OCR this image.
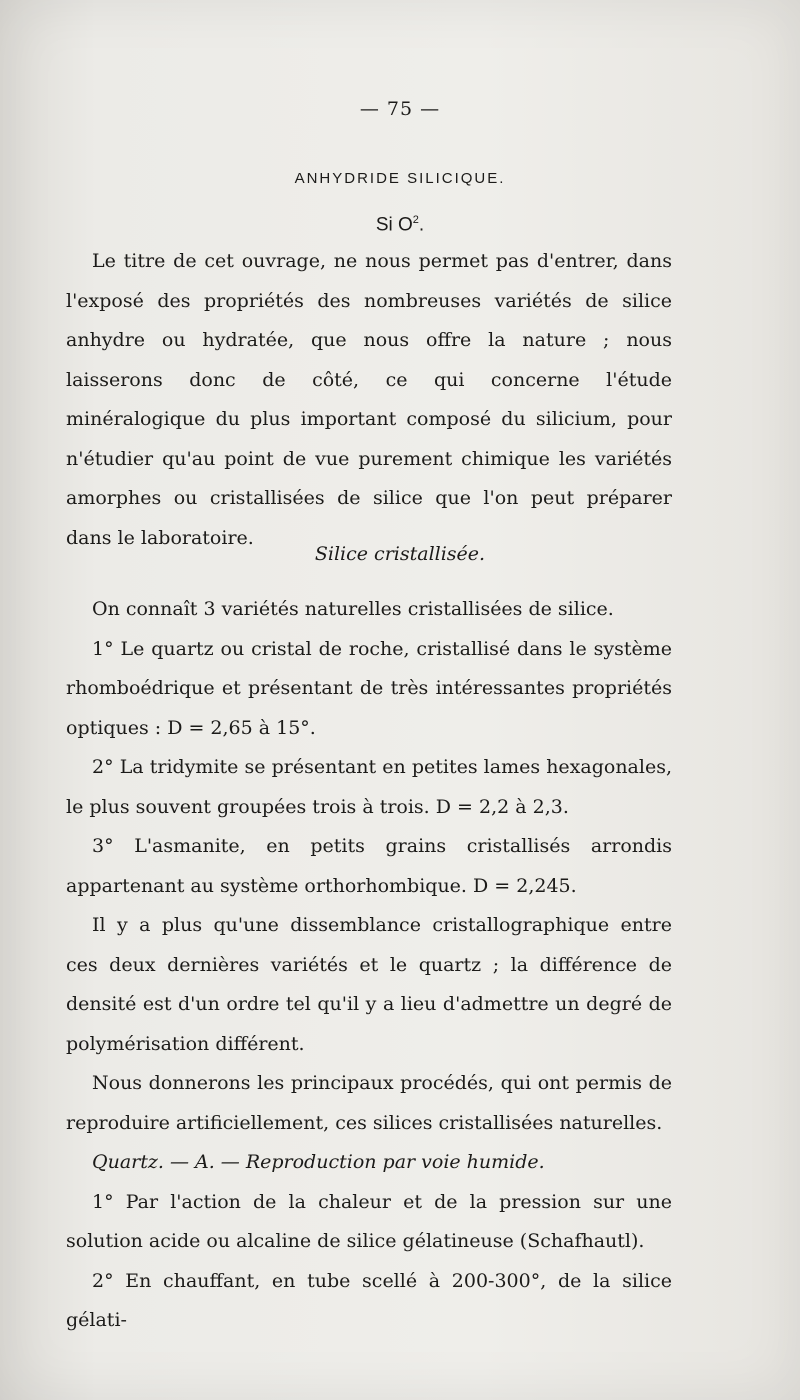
— 75 —
ANHYDRIDE SILICIQUE.
Si $O^2$.

Le titre de cet ouvrage, ne nous permet pas d'entrer, dans l'exposé des propriétés des nombreuses variétés de silice anhydre ou hydratée, que nous offre la nature ; nous laisserons donc de côté, ce qui concerne l'étude minéralogique du plus important composé du silicium, pour n'étudier qu'au point de vue purement chimique les variétés amorphes ou cristallisées de silice que l'on peut préparer dans le laboratoire.

Silice cristallisée.

On connaît 3 variétés naturelles cristallisées de silice.

1° Le quartz ou cristal de roche, cristallisé dans le système rhomboédrique et présentant de très intéressantes propriétés optiques : D = 2,65 à 15°.

2° La tridymite se présentant en petites lames hexagonales, le plus souvent groupées trois à trois. D = 2,2 à 2,3.

3° L'asmanite, en petits grains cristallisés arrondis appartenant au système orthorhombique. D = 2,245.

Il y a plus qu'une dissemblance cristallographique entre ces deux dernières variétés et le quartz ; la différence de densité est d'un ordre tel qu'il y a lieu d'admettre un degré de polymérisation différent.

Nous donnerons les principaux procédés, qui ont permis de reproduire artificiellement, ces silices cristallisées naturelles.

Quartz. — A. — Reproduction par voie humide.

1° Par l'action de la chaleur et de la pression sur une solution acide ou alcaline de silice gélatineuse (Schafhautl).

2° En chauffant, en tube scellé à 200-300°, de la silice gélati-
